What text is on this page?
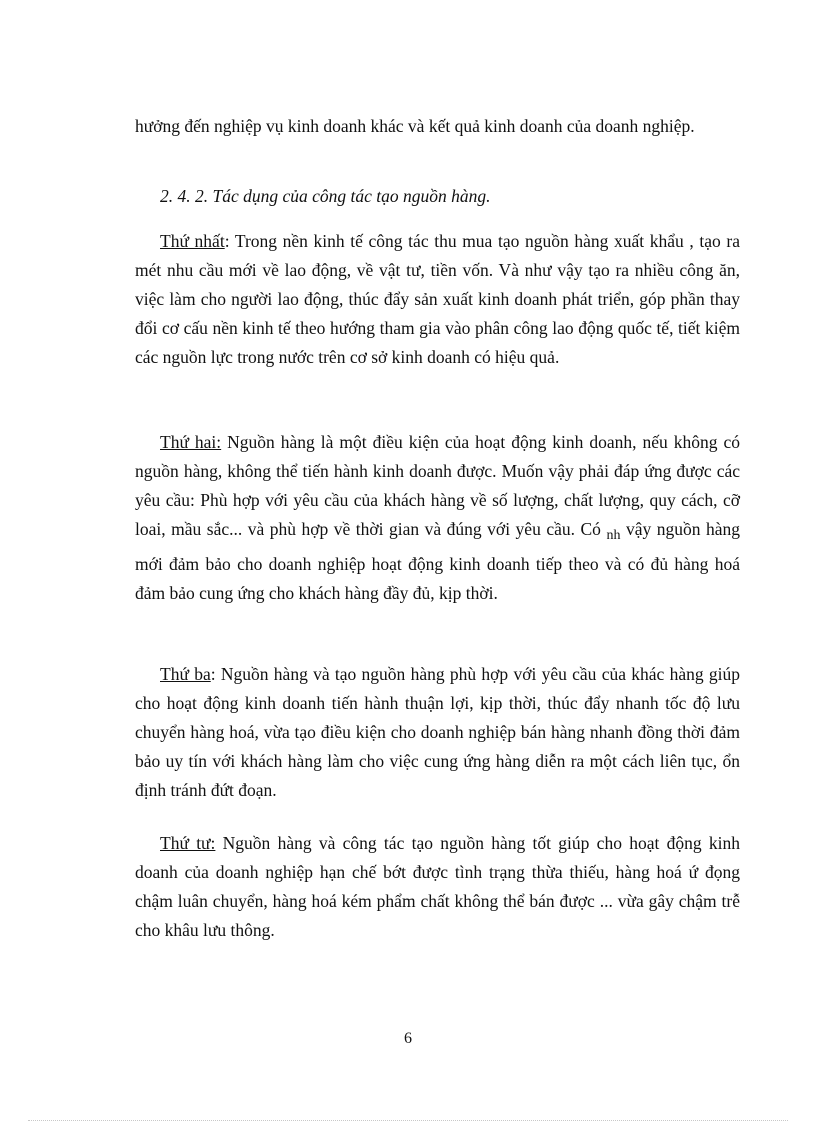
hưởng đến nghiệp vụ kinh doanh khác và kết quả kinh doanh của doanh nghiệp.

2. 4. 2. Tác dụng của công tác tạo nguồn hàng.

Thứ nhất: Trong nền kinh tế công tác thu mua tạo nguồn hàng xuất khẩu , tạo ra mét nhu cầu mới về lao động, về vật tư, tiền vốn. Và như vậy tạo ra nhiều công ăn, việc làm cho người lao động, thúc đẩy sản xuất kinh doanh phát triển, góp phần thay đổi cơ cấu nền kinh tế theo hướng tham gia vào phân công lao động quốc tế, tiết kiệm các nguồn lực trong nước trên cơ sở kinh doanh có hiệu quả.

Thứ hai: Nguồn hàng là một điều kiện của hoạt động kinh doanh, nếu không có nguồn hàng, không thể tiến hành kinh doanh được. Muốn vậy phải đáp ứng được các yêu cầu: Phù hợp với yêu cầu của khách hàng về số lượng, chất lượng, quy cách, cỡ loai, mầu sắc... và phù hợp về thời gian và đúng với yêu cầu. Có $_{nh}$ vậy nguồn hàng mới đảm bảo cho doanh nghiệp hoạt động kinh doanh tiếp theo và có đủ hàng hoá đảm bảo cung ứng cho khách hàng đầy đủ, kịp thời.

Thứ ba: Nguồn hàng và tạo nguồn hàng phù hợp với yêu cầu của khác hàng giúp cho hoạt động kinh doanh tiến hành thuận lợi, kịp thời, thúc đẩy nhanh tốc độ lưu chuyển hàng hoá, vừa tạo điều kiện cho doanh nghiệp bán hàng nhanh đồng thời đảm bảo uy tín với khách hàng làm cho việc cung ứng hàng diễn ra một cách liên tục, ổn định tránh đứt đoạn.

Thứ tư: Nguồn hàng và công tác tạo nguồn hàng tốt giúp cho hoạt động kinh doanh của doanh nghiệp hạn chế bớt được tình trạng thừa thiếu, hàng hoá ứ đọng chậm luân chuyển, hàng hoá kém phẩm chất không thể bán được ... vừa gây chậm trễ cho khâu lưu thông.

6
